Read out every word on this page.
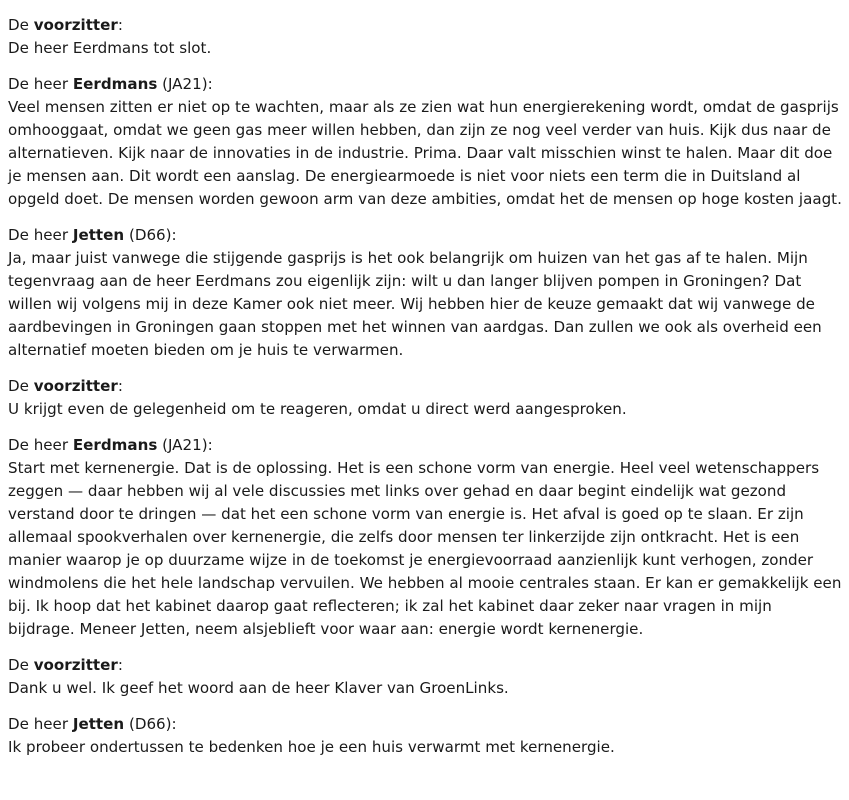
De voorzitter:

De heer Eerdmans tot slot.

De heer Eerdmans (JA21):

Veel mensen zitten er niet op te wachten, maar als ze zien wat hun energierekening wordt, omdat de gasprijs omhooggaat, omdat we geen gas meer willen hebben, dan zijn ze nog veel verder van huis. Kijk dus naar de alternatieven. Kijk naar de innovaties in de industrie. Prima. Daar valt misschien winst te halen. Maar dit doe je mensen aan. Dit wordt een aanslag. De energiearmoede is niet voor niets een term die in Duitsland al opgeld doet. De mensen worden gewoon arm van deze ambities, omdat het de mensen op hoge kosten jaagt.

De heer Jetten (D66):

Ja, maar juist vanwege die stijgende gasprijs is het ook belangrijk om huizen van het gas af te halen. Mijn tegenvraag aan de heer Eerdmans zou eigenlijk zijn: wilt u dan langer blijven pompen in Groningen? Dat willen wij volgens mij in deze Kamer ook niet meer. Wij hebben hier de keuze gemaakt dat wij vanwege de aardbevingen in Groningen gaan stoppen met het winnen van aardgas. Dan zullen we ook als overheid een alternatief moeten bieden om je huis te verwarmen.

De voorzitter:

U krijgt even de gelegenheid om te reageren, omdat u direct werd aangesproken.

De heer Eerdmans (JA21):

Start met kernenergie. Dat is de oplossing. Het is een schone vorm van energie. Heel veel wetenschappers zeggen — daar hebben wij al vele discussies met links over gehad en daar begint eindelijk wat gezond verstand door te dringen — dat het een schone vorm van energie is. Het afval is goed op te slaan. Er zijn allemaal spookverhalen over kernenergie, die zelfs door mensen ter linkerzijde zijn ontkracht. Het is een manier waarop je op duurzame wijze in de toekomst je energievoorraad aanzienlijk kunt verhogen, zonder windmolens die het hele landschap vervuilen. We hebben al mooie centrales staan. Er kan er gemakkelijk een bij. Ik hoop dat het kabinet daarop gaat reflecteren; ik zal het kabinet daar zeker naar vragen in mijn bijdrage. Meneer Jetten, neem alsjeblieft voor waar aan: energie wordt kernenergie.

De voorzitter:

Dank u wel. Ik geef het woord aan de heer Klaver van GroenLinks.

De heer Jetten (D66):

Ik probeer ondertussen te bedenken hoe je een huis verwarmt met kernenergie.
